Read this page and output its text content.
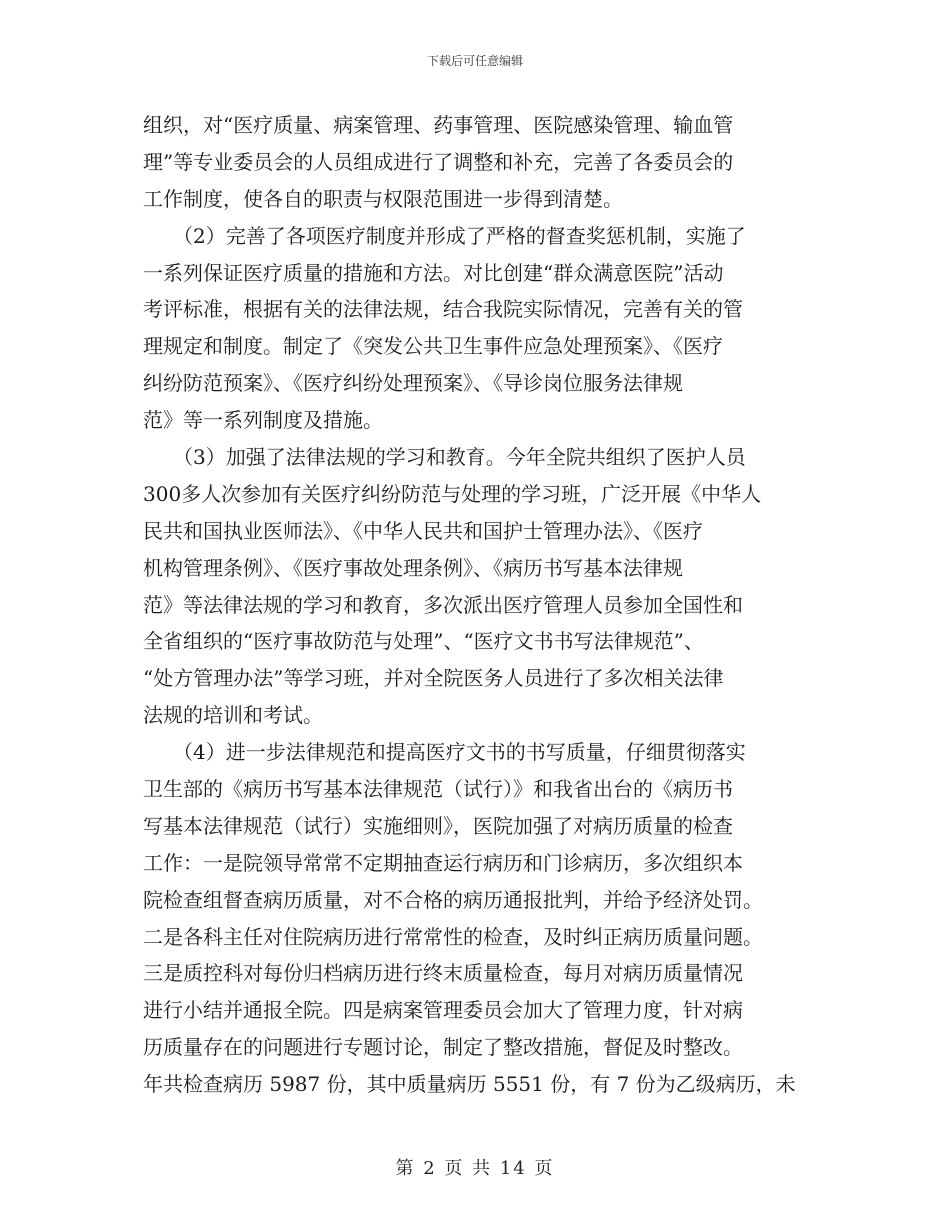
下载后可任意编辑
组织，对“医疗质量、病案管理、药事管理、医院感染管理、输血管
理”等专业委员会的人员组成进行了调整和补充，完善了各委员会的
工作制度，使各自的职责与权限范围进一步得到清楚。
　　（2）完善了各项医疗制度并形成了严格的督查奖惩机制，实施了
一系列保证医疗质量的措施和方法。对比创建“群众满意医院”活动
考评标准，根据有关的法律法规，结合我院实际情况，完善有关的管
理规定和制度。制定了《突发公共卫生事件应急处理预案》、《医疗
纠纷防范预案》、《医疗纠纷处理预案》、《导诊岗位服务法律规
范》等一系列制度及措施。
　　（3）加强了法律法规的学习和教育。今年全院共组织了医护人员
300多人次参加有关医疗纠纷防范与处理的学习班，广泛开展《中华人
民共和国执业医师法》、《中华人民共和国护士管理办法》、《医疗
机构管理条例》、《医疗事故处理条例》、《病历书写基本法律规
范》等法律法规的学习和教育，多次派出医疗管理人员参加全国性和
全省组织的“医疗事故防范与处理”、“医疗文书书写法律规范”、
“处方管理办法”等学习班，并对全院医务人员进行了多次相关法律
法规的培训和考试。
　　（4）进一步法律规范和提高医疗文书的书写质量，仔细贯彻落实
卫生部的《病历书写基本法律规范（试行）》和我省出台的《病历书
写基本法律规范（试行）实施细则》，医院加强了对病历质量的检查
工作：一是院领导常常不定期抽查运行病历和门诊病历，多次组织本
院检查组督查病历质量，对不合格的病历通报批判，并给予经济处罚。
二是各科主任对住院病历进行常常性的检查，及时纠正病历质量问题。
三是质控科对每份归档病历进行终末质量检查，每月对病历质量情况
进行小结并通报全院。四是病案管理委员会加大了管理力度，针对病
历质量存在的问题进行专题讨论，制定了整改措施，督促及时整改。
年共检查病历 5987 份，其中质量病历 5551 份，有 7 份为乙级病历，未
第 2 页 共 14 页
